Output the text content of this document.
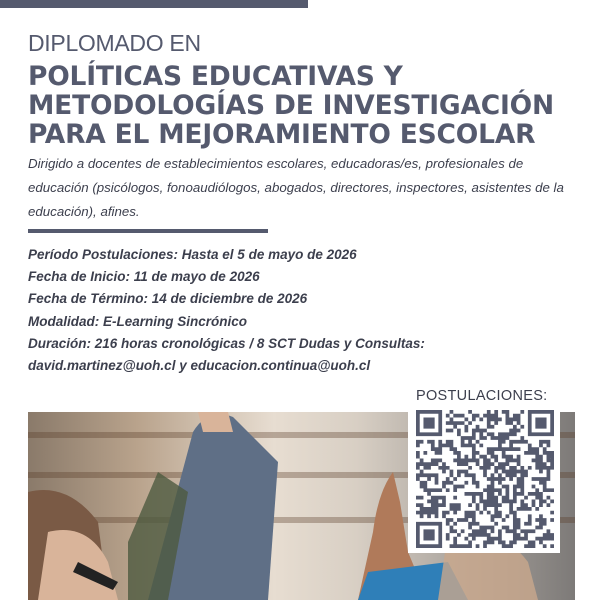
DIPLOMADO EN
POLÍTICAS EDUCATIVAS Y
METODOLOGÍAS DE INVESTIGACIÓN
PARA EL MEJORAMIENTO ESCOLAR
Dirigido a docentes de establecimientos escolares, educadoras/es, profesionales de educación (psicólogos, fonoaudiólogos, abogados, directores, inspectores, asistentes de la educación), afines.
Período Postulaciones: Hasta el 5 de mayo de 2026
Fecha de Inicio: 11 de mayo de 2026
Fecha de Término: 14 de diciembre de 2026
Modalidad: E-Learning Sincrónico
Duración: 216 horas cronológicas / 8 SCT Dudas y Consultas:
david.martinez@uoh.cl y educacion.continua@uoh.cl
POSTULACIONES:
